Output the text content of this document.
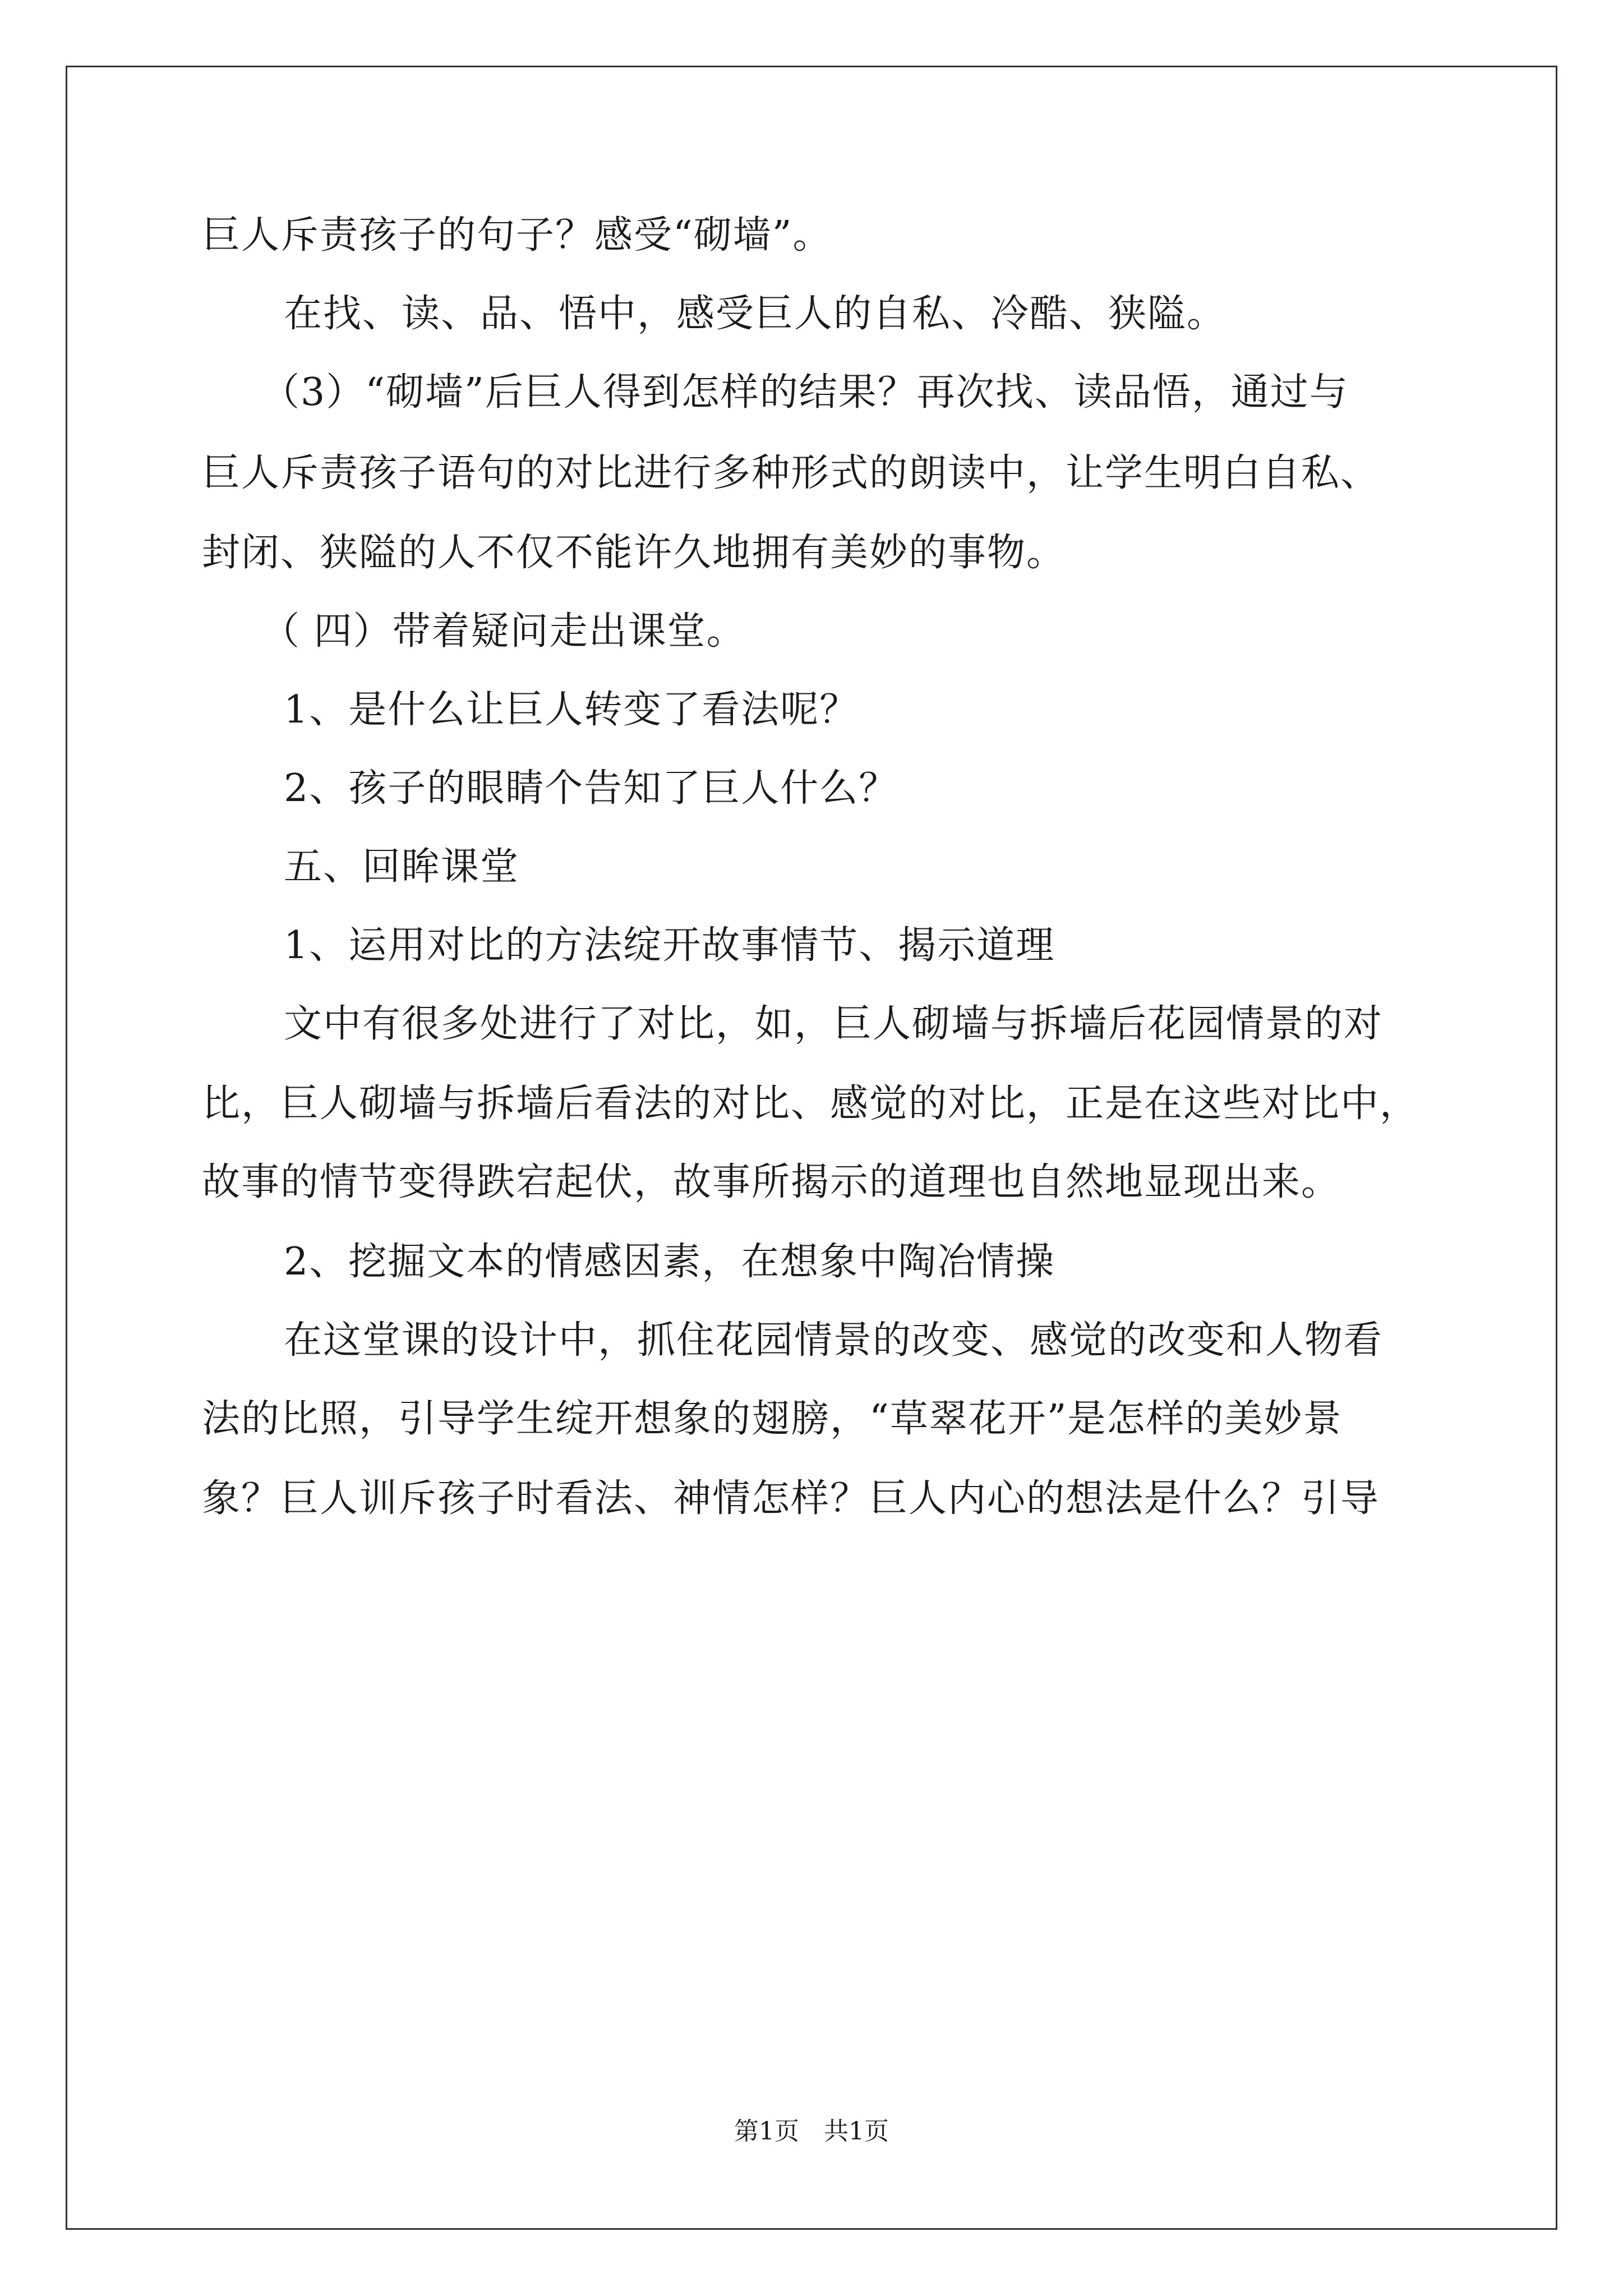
巨人斥责孩子的句子？感受“砌墙”。
在找、读、品、悟中，感受巨人的自私、冷酷、狭隘。
（3）“砌墙”后巨人得到怎样的结果？再次找、读品悟，通过与
巨人斥责孩子语句的对比进行多种形式的朗读中，让学生明白自私、
封闭、狭隘的人不仅不能许久地拥有美妙的事物。
（ 四）带着疑问走出课堂。
1、是什么让巨人转变了看法呢？
2、孩子的眼睛个告知了巨人什么？
五、回眸课堂
1、运用对比的方法绽开故事情节、揭示道理
文中有很多处进行了对比，如，巨人砌墙与拆墙后花园情景的对
比，巨人砌墙与拆墙后看法的对比、感觉的对比，正是在这些对比中，
故事的情节变得跌宕起伏，故事所揭示的道理也自然地显现出来。
2、挖掘文本的情感因素，在想象中陶冶情操
在这堂课的设计中，抓住花园情景的改变、感觉的改变和人物看
法的比照，引导学生绽开想象的翅膀，“草翠花开”是怎样的美妙景
象？巨人训斥孩子时看法、神情怎样？巨人内心的想法是什么？引导
第1页　共1页
